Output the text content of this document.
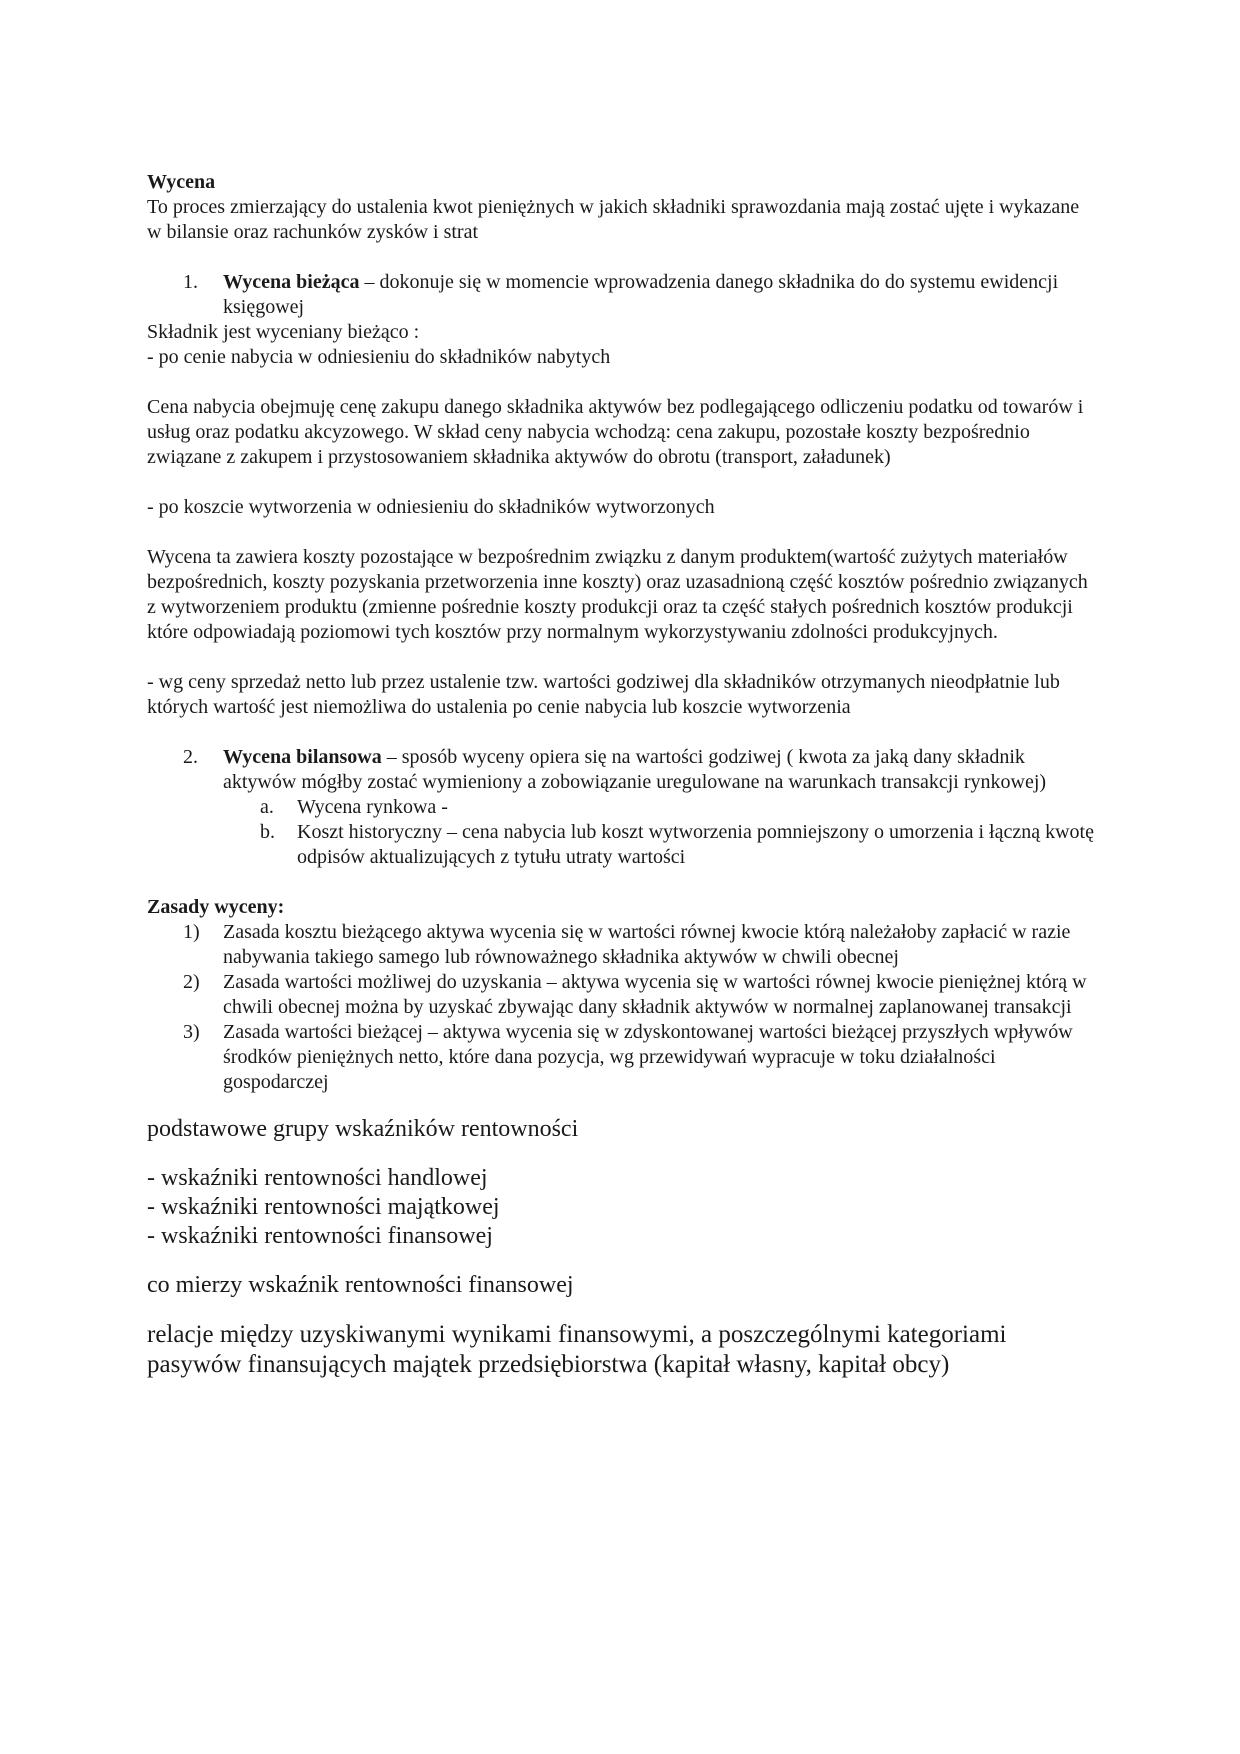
Wycena

To proces zmierzający do ustalenia kwot pieniężnych w jakich składniki sprawozdania mają zostać ujęte i wykazane w bilansie oraz rachunków zysków i strat

1. Wycena bieżąca – dokonuje się w momencie wprowadzenia danego składnika do do systemu ewidencji księgowej

Składnik jest wyceniany bieżąco :

- po cenie nabycia w odniesieniu do składników nabytych

Cena nabycia obejmuję cenę zakupu danego składnika aktywów bez podlegającego odliczeniu podatku od towarów i usług oraz podatku akcyzowego. W skład ceny nabycia wchodzą: cena zakupu, pozostałe koszty bezpośrednio związane z zakupem i przystosowaniem składnika aktywów do obrotu (transport, załadunek)

- po koszcie wytworzenia w odniesieniu do składników wytworzonych

Wycena ta zawiera koszty pozostające w bezpośrednim związku z danym produktem(wartość zużytych materiałów bezpośrednich, koszty pozyskania przetworzenia inne koszty) oraz uzasadnioną część kosztów pośrednio związanych z wytworzeniem produktu (zmienne pośrednie koszty produkcji oraz ta część stałych pośrednich kosztów produkcji które odpowiadają poziomowi tych kosztów przy normalnym wykorzystywaniu zdolności produkcyjnych.

- wg ceny sprzedaż netto lub przez ustalenie tzw. wartości godziwej dla składników otrzymanych nieodpłatnie lub których wartość jest niemożliwa do ustalenia po cenie nabycia lub koszcie wytworzenia

2. Wycena bilansowa – sposób wyceny opiera się na wartości godziwej ( kwota za jaką dany składnik aktywów mógłby zostać wymieniony a zobowiązanie uregulowane na warunkach transakcji rynkowej)
a. Wycena rynkowa -
b. Koszt historyczny – cena nabycia lub koszt wytworzenia pomniejszony o umorzenia i łączną kwotę odpisów aktualizujących z tytułu utraty wartości

Zasady wyceny:

1) Zasada kosztu bieżącego aktywa wycenia się w wartości równej kwocie którą należałoby zapłacić w razie nabywania takiego samego lub równoważnego składnika aktywów w chwili obecnej
2) Zasada wartości możliwej do uzyskania – aktywa wycenia się w wartości równej kwocie pieniężnej którą w chwili obecnej można by uzyskać zbywając dany składnik aktywów w normalnej zaplanowanej transakcji
3) Zasada wartości bieżącej – aktywa wycenia się w zdyskontowanej wartości bieżącej przyszłych wpływów środków pieniężnych netto, które dana pozycja, wg przewidywań wypracuje w toku działalności gospodarczej

podstawowe grupy wskaźników rentowności

- wskaźniki rentowności handlowej

- wskaźniki rentowności majątkowej

- wskaźniki rentowności finansowej

co mierzy wskaźnik rentowności finansowej

relacje między uzyskiwanymi wynikami finansowymi, a poszczególnymi kategoriami pasywów finansujących majątek przedsiębiorstwa (kapitał własny, kapitał obcy)
